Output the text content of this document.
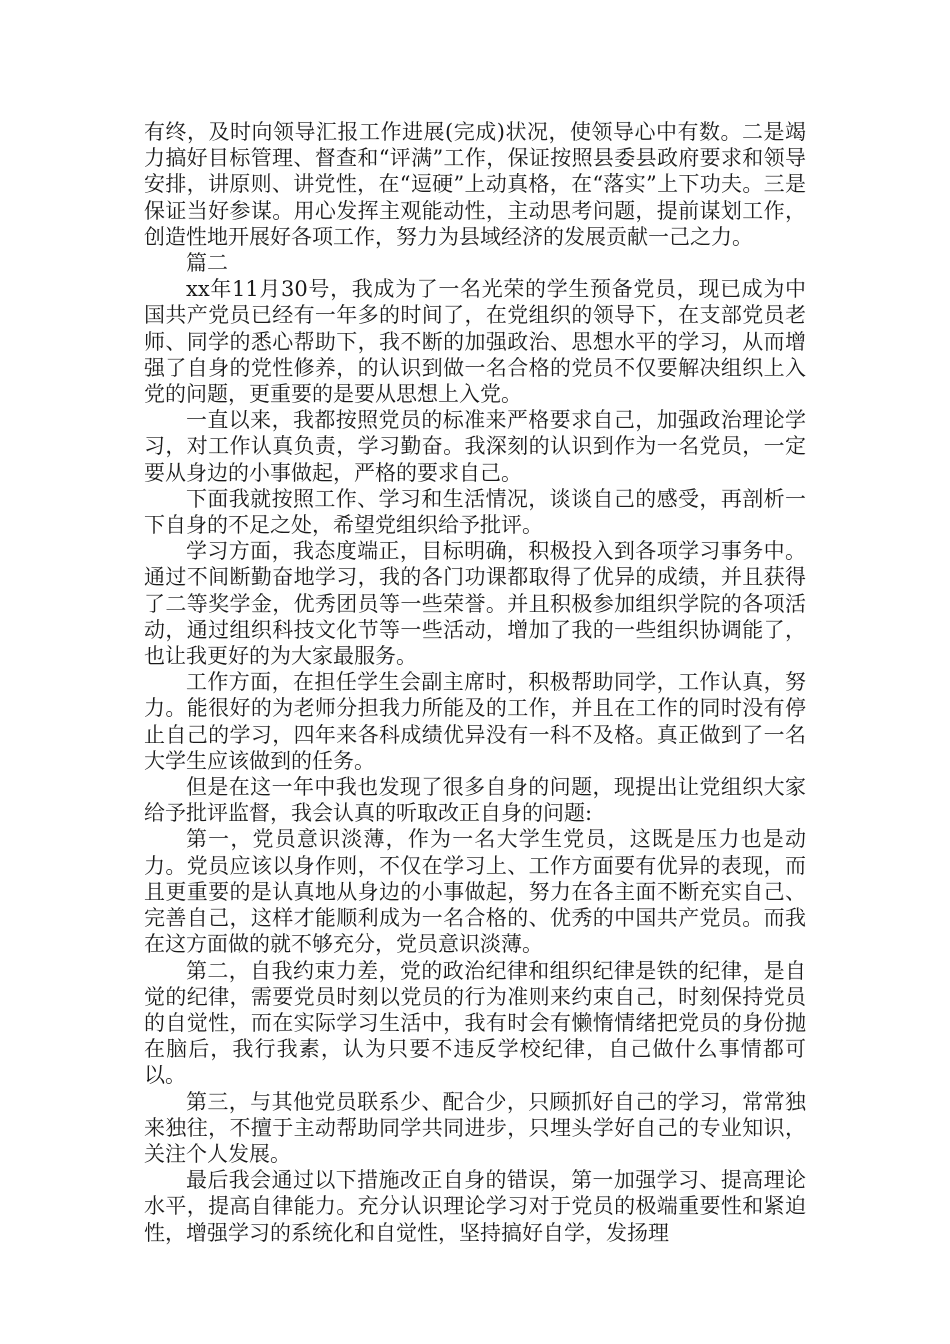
有终，及时向领导汇报工作进展(完成)状况，使领导心中有数。二是竭力搞好目标管理、督查和“评满”工作，保证按照县委县政府要求和领导安排，讲原则、讲党性，在“逗硬”上动真格，在“落实”上下功夫。三是保证当好参谋。用心发挥主观能动性，主动思考问题，提前谋划工作，创造性地开展好各项工作，努力为县域经济的发展贡献一己之力。

篇二

xx年11月30号，我成为了一名光荣的学生预备党员，现已成为中国共产党员已经有一年多的时间了，在党组织的领导下，在支部党员老师、同学的悉心帮助下，我不断的加强政治、思想水平的学习，从而增强了自身的党性修养，的认识到做一名合格的党员不仅要解决组织上入党的问题，更重要的是要从思想上入党。

一直以来，我都按照党员的标准来严格要求自己，加强政治理论学习，对工作认真负责，学习勤奋。我深刻的认识到作为一名党员，一定要从身边的小事做起，严格的要求自己。

下面我就按照工作、学习和生活情况，谈谈自己的感受，再剖析一下自身的不足之处，希望党组织给予批评。

学习方面，我态度端正，目标明确，积极投入到各项学习事务中。通过不间断勤奋地学习，我的各门功课都取得了优异的成绩，并且获得了二等奖学金，优秀团员等一些荣誉。并且积极参加组织学院的各项活动，通过组织科技文化节等一些活动，增加了我的一些组织协调能了，也让我更好的为大家最服务。

工作方面，在担任学生会副主席时，积极帮助同学，工作认真，努力。能很好的为老师分担我力所能及的工作，并且在工作的同时没有停止自己的学习，四年来各科成绩优异没有一科不及格。真正做到了一名大学生应该做到的任务。

但是在这一年中我也发现了很多自身的问题，现提出让党组织大家给予批评监督，我会认真的听取改正自身的问题:

第一，党员意识淡薄，作为一名大学生党员，这既是压力也是动力。党员应该以身作则，不仅在学习上、工作方面要有优异的表现，而且更重要的是认真地从身边的小事做起，努力在各主面不断充实自己、完善自己，这样才能顺利成为一名合格的、优秀的中国共产党员。而我在这方面做的就不够充分，党员意识淡薄。

第二，自我约束力差，党的政治纪律和组织纪律是铁的纪律，是自觉的纪律，需要党员时刻以党员的行为准则来约束自己，时刻保持党员的自觉性，而在实际学习生活中，我有时会有懒惰情绪把党员的身份抛在脑后，我行我素，认为只要不违反学校纪律，自己做什么事情都可以。

第三，与其他党员联系少、配合少，只顾抓好自己的学习，常常独来独往，不擅于主动帮助同学共同进步，只埋头学好自己的专业知识，关注个人发展。

最后我会通过以下措施改正自身的错误，第一加强学习、提高理论水平，提高自律能力。充分认识理论学习对于党员的极端重要性和紧迫性，增强学习的系统化和自觉性，坚持搞好自学，发扬理
